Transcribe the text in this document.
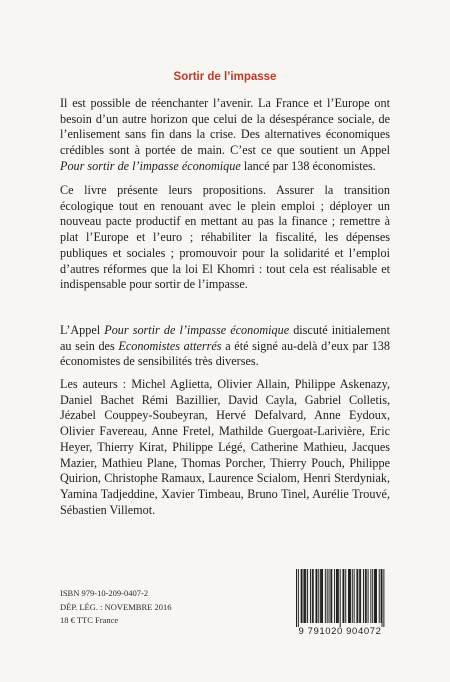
Sortir de l’impasse

Il est possible de réenchanter l’avenir. La France et l’Europe ont besoin d’un autre horizon que celui de la désespérance sociale, de l’enlisement sans fin dans la crise. Des alternatives économiques crédibles sont à portée de main. C’est ce que soutient un Appel Pour sortir de l’impasse économique lancé par 138 économistes.

Ce livre présente leurs propositions. Assurer la transition écologique tout en renouant avec le plein emploi ; déployer un nouveau pacte productif en mettant au pas la finance ; remettre à plat l’Europe et l’euro ; réhabiliter la fiscalité, les dépenses publiques et sociales ; promouvoir pour la solidarité et l’emploi d’autres réformes que la loi El Khomri : tout cela est réalisable et indispensable pour sortir de l’impasse.

L’Appel Pour sortir de l’impasse économique discuté initialement au sein des Economistes atterrés a été signé au-delà d’eux par 138 économistes de sensibilités très diverses.

Les auteurs : Michel Aglietta, Olivier Allain, Philippe Askenazy, Daniel Bachet Rémi Bazillier, David Cayla, Gabriel Colletis, Jézabel Couppey-Soubeyran, Hervé Defalvard, Anne Eydoux, Olivier Favereau, Anne Fretel, Mathilde Guergoat-Larivière, Eric Heyer, Thierry Kirat, Philippe Légé, Catherine Mathieu, Jacques Mazier, Mathieu Plane, Thomas Porcher, Thierry Pouch, Philippe Quirion, Christophe Ramaux, Laurence Scialom, Henri Sterdyniak, Yamina Tadjeddine, Xavier Timbeau, Bruno Tinel, Aurélie Trouvé, Sébastien Villemot.

ISBN 979-10-209-0407-2
DÉP. LÉG. : NOVEMBRE 2016
18 € TTC France
9 791020 904072
